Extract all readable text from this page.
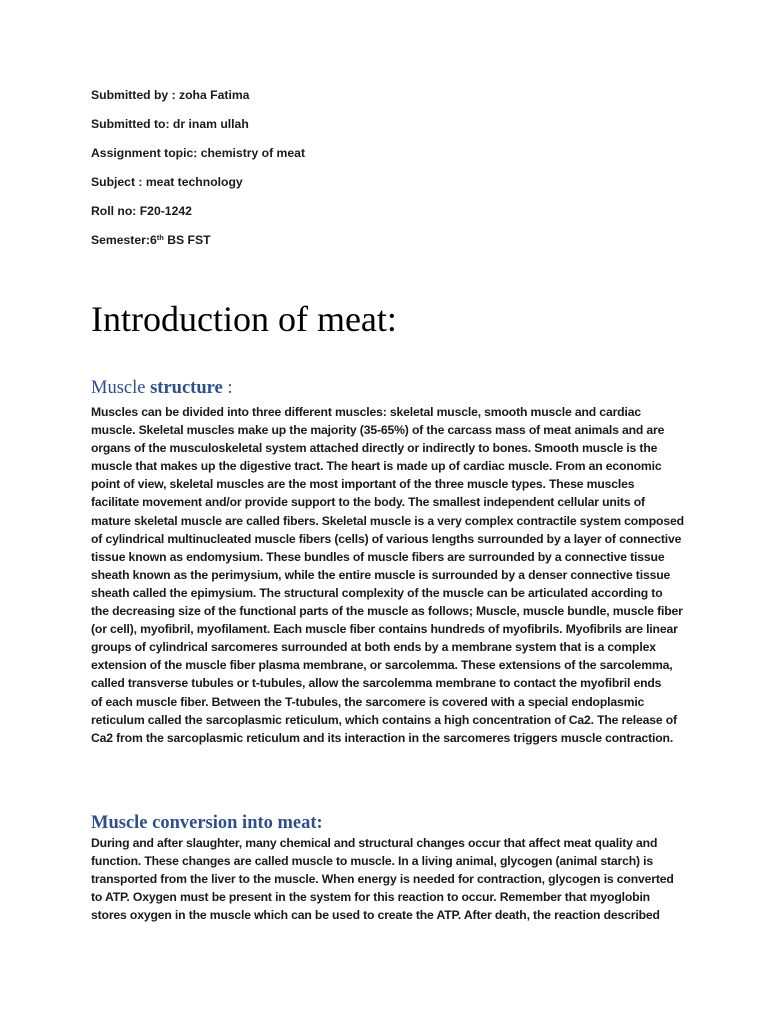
Submitted by : zoha Fatima
Submitted to: dr inam ullah
Assignment topic: chemistry of meat
Subject : meat technology
Roll no: F20-1242
Semester:6th BS FST
Introduction of meat:
Muscle structure :

Muscles can be divided into three different muscles: skeletal muscle, smooth muscle and cardiac
muscle. Skeletal muscles make up the majority (35-65%) of the carcass mass of meat animals and are
organs of the musculoskeletal system attached directly or indirectly to bones. Smooth muscle is the
muscle that makes up the digestive tract. The heart is made up of cardiac muscle. From an economic
point of view, skeletal muscles are the most important of the three muscle types. These muscles
facilitate movement and/or provide support to the body. The smallest independent cellular units of
mature skeletal muscle are called fibers. Skeletal muscle is a very complex contractile system composed
of cylindrical multinucleated muscle fibers (cells) of various lengths surrounded by a layer of connective
tissue known as endomysium. These bundles of muscle fibers are surrounded by a connective tissue
sheath known as the perimysium, while the entire muscle is surrounded by a denser connective tissue
sheath called the epimysium. The structural complexity of the muscle can be articulated according to
the decreasing size of the functional parts of the muscle as follows; Muscle, muscle bundle, muscle fiber
(or cell), myofibril, myofilament. Each muscle fiber contains hundreds of myofibrils. Myofibrils are linear
groups of cylindrical sarcomeres surrounded at both ends by a membrane system that is a complex
extension of the muscle fiber plasma membrane, or sarcolemma. These extensions of the sarcolemma,
called transverse tubules or t-tubules, allow the sarcolemma membrane to contact the myofibril ends
of each muscle fiber. Between the T-tubules, the sarcomere is covered with a special endoplasmic
reticulum called the sarcoplasmic reticulum, which contains a high concentration of Ca2. The release of
Ca2 from the sarcoplasmic reticulum and its interaction in the sarcomeres triggers muscle contraction.

Muscle conversion into meat:

During and after slaughter, many chemical and structural changes occur that affect meat quality and
function. These changes are called muscle to muscle. In a living animal, glycogen (animal starch) is
transported from the liver to the muscle. When energy is needed for contraction, glycogen is converted
to ATP. Oxygen must be present in the system for this reaction to occur. Remember that myoglobin
stores oxygen in the muscle which can be used to create the ATP. After death, the reaction described
